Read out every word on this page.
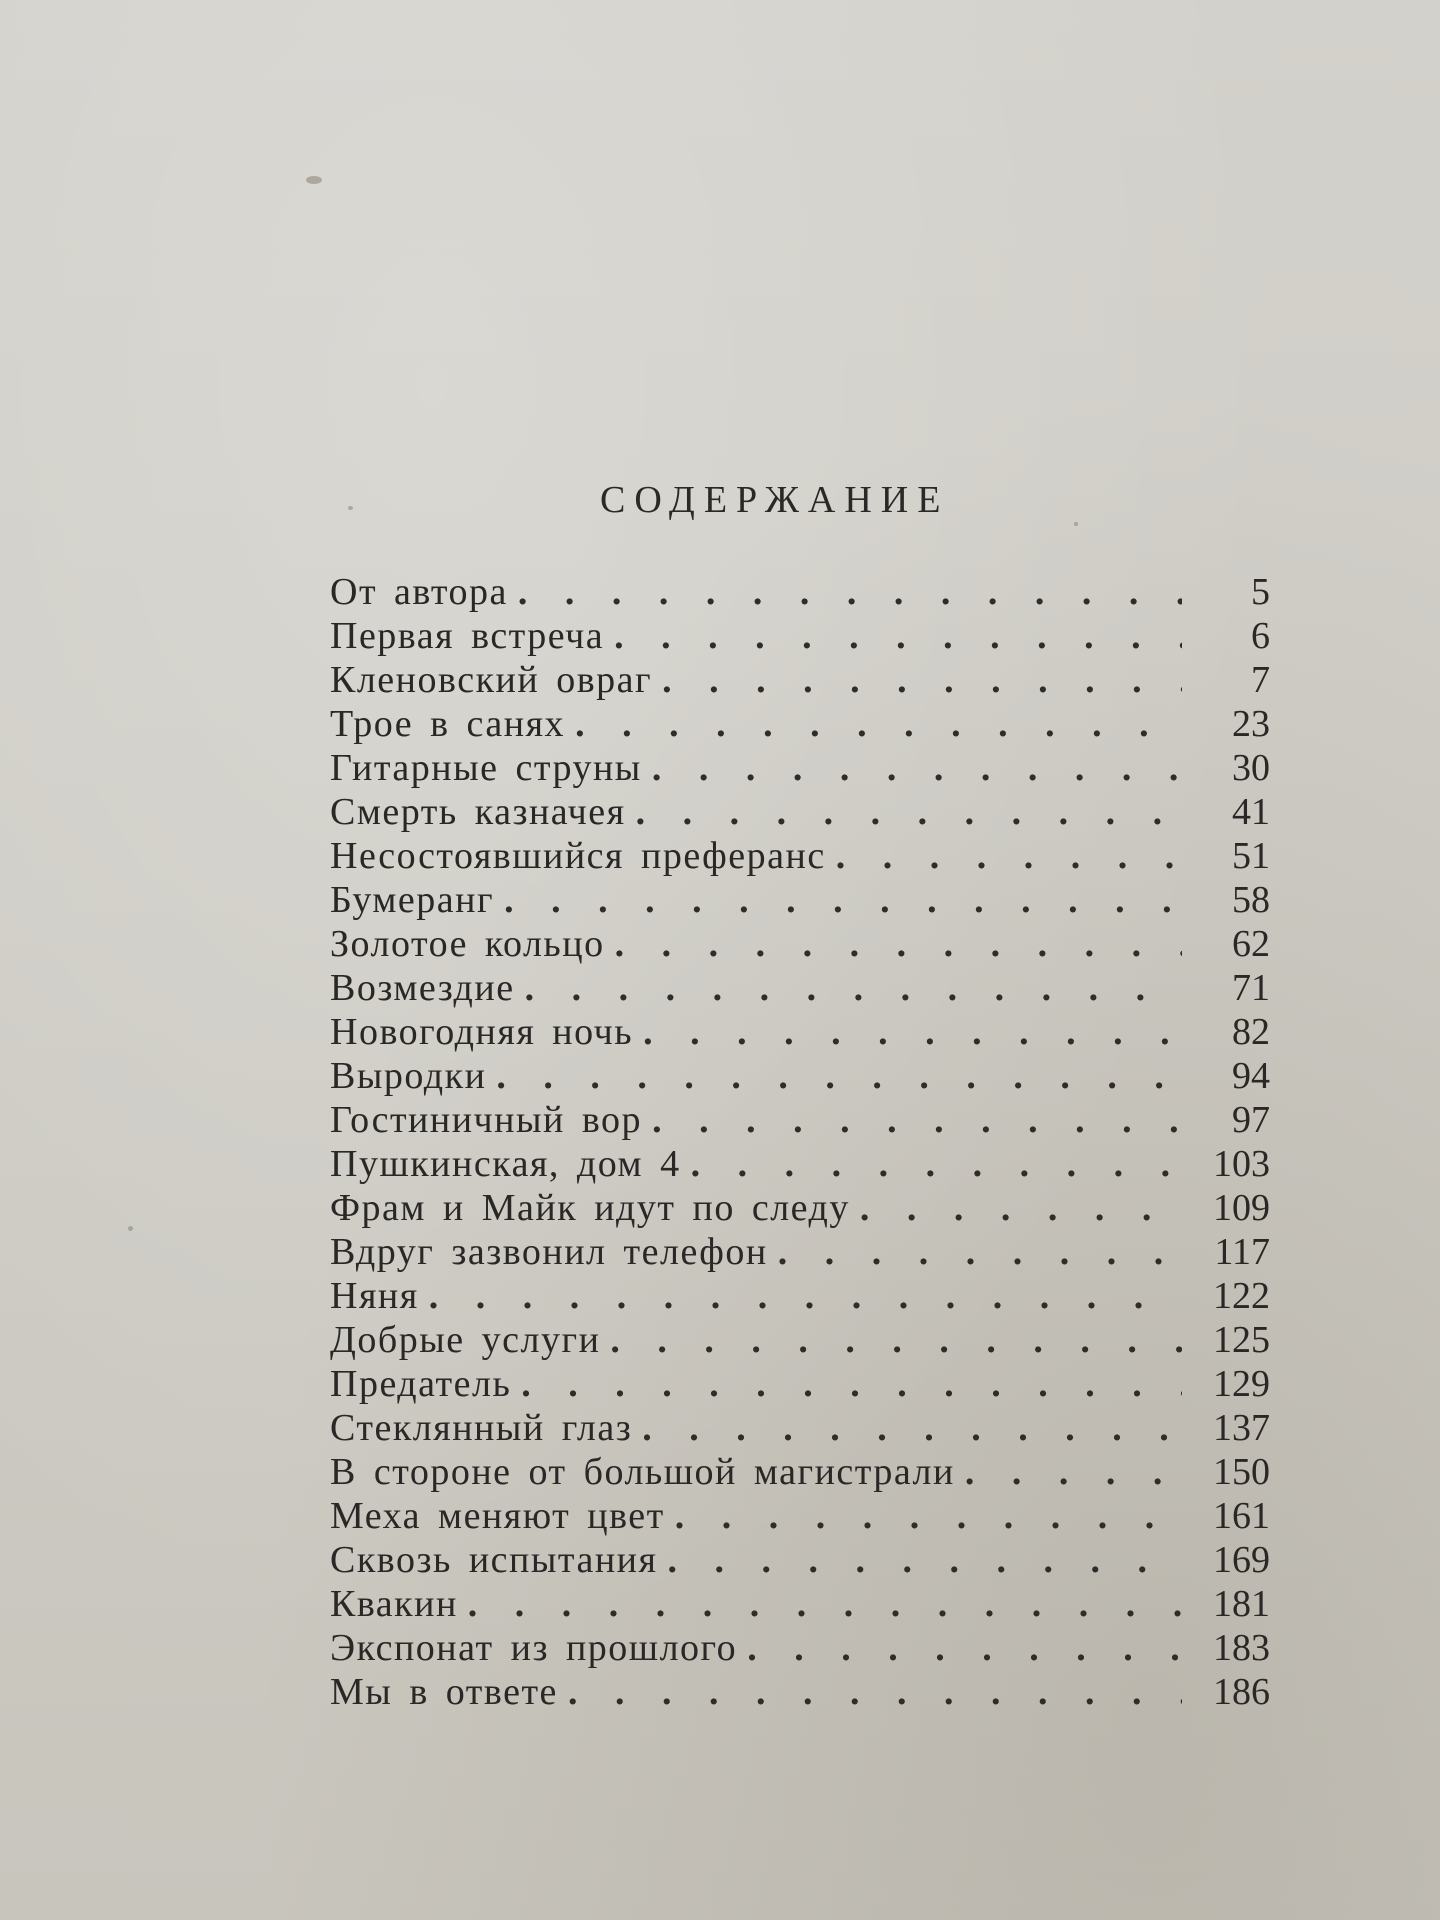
СОДЕРЖАНИЕ
От автора . . .	5
Первая встреча . . .	6
Кленовский овраг . . .	7
Трое в санях . . .	23
Гитарные струны . . .	30
Смерть казначея . . .	41
Несостоявшийся преферанс . . .	51
Бумеранг . . .	58
Золотое кольцо . . .	62
Возмездие . . .	71
Новогодняя ночь . . .	82
Выродки . . .	94
Гостиничный вор . . .	97
Пушкинская, дом 4 . . .	103
Фрам и Майк идут по следу . . .	109
Вдруг зазвонил телефон . . .	117
Няня . . .	122
Добрые услуги . . .	125
Предатель . . .	129
Стеклянный глаз . . .	137
В стороне от большой магистрали . . .	150
Меха меняют цвет . . .	161
Сквозь испытания . . .	169
Квакин . . .	181
Экспонат из прошлого . . .	183
Мы в ответе . . .	186
